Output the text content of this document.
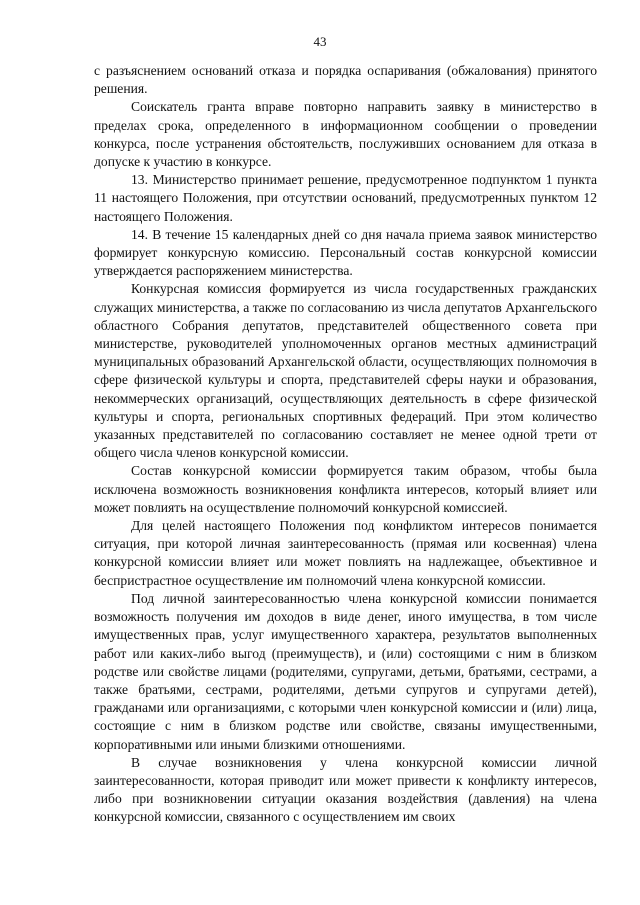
43

с разъяснением оснований отказа и порядка оспаривания (обжалования) принятого решения.

Соискатель гранта вправе повторно направить заявку в министерство в пределах срока, определенного в информационном сообщении о проведении конкурса, после устранения обстоятельств, послуживших основанием для отказа в допуске к участию в конкурсе.

13. Министерство принимает решение, предусмотренное подпунктом 1 пункта 11 настоящего Положения, при отсутствии оснований, предусмотренных пунктом 12 настоящего Положения.

14. В течение 15 календарных дней со дня начала приема заявок министерство формирует конкурсную комиссию. Персональный состав конкурсной комиссии утверждается распоряжением министерства.

Конкурсная комиссия формируется из числа государственных гражданских служащих министерства, а также по согласованию из числа депутатов Архангельского областного Собрания депутатов, представителей общественного совета при министерстве, руководителей уполномоченных органов местных администраций муниципальных образований Архангельской области, осуществляющих полномочия в сфере физической культуры и спорта, представителей сферы науки и образования, некоммерческих организаций, осуществляющих деятельность в сфере физической культуры и спорта, региональных спортивных федераций. При этом количество указанных представителей по согласованию составляет не менее одной трети от общего числа членов конкурсной комиссии.

Состав конкурсной комиссии формируется таким образом, чтобы была исключена возможность возникновения конфликта интересов, который влияет или может повлиять на осуществление полномочий конкурсной комиссией.

Для целей настоящего Положения под конфликтом интересов понимается ситуация, при которой личная заинтересованность (прямая или косвенная) члена конкурсной комиссии влияет или может повлиять на надлежащее, объективное и беспристрастное осуществление им полномочий члена конкурсной комиссии.

Под личной заинтересованностью члена конкурсной комиссии понимается возможность получения им доходов в виде денег, иного имущества, в том числе имущественных прав, услуг имущественного характера, результатов выполненных работ или каких-либо выгод (преимуществ), и (или) состоящими с ним в близком родстве или свойстве лицами (родителями, супругами, детьми, братьями, сестрами, а также братьями, сестрами, родителями, детьми супругов и супругами детей), гражданами или организациями, с которыми член конкурсной комиссии и (или) лица, состоящие с ним в близком родстве или свойстве, связаны имущественными, корпоративными или иными близкими отношениями.

В случае возникновения у члена конкурсной комиссии личной заинтересованности, которая приводит или может привести к конфликту интересов, либо при возникновении ситуации оказания воздействия (давления) на члена конкурсной комиссии, связанного с осуществлением им своих
